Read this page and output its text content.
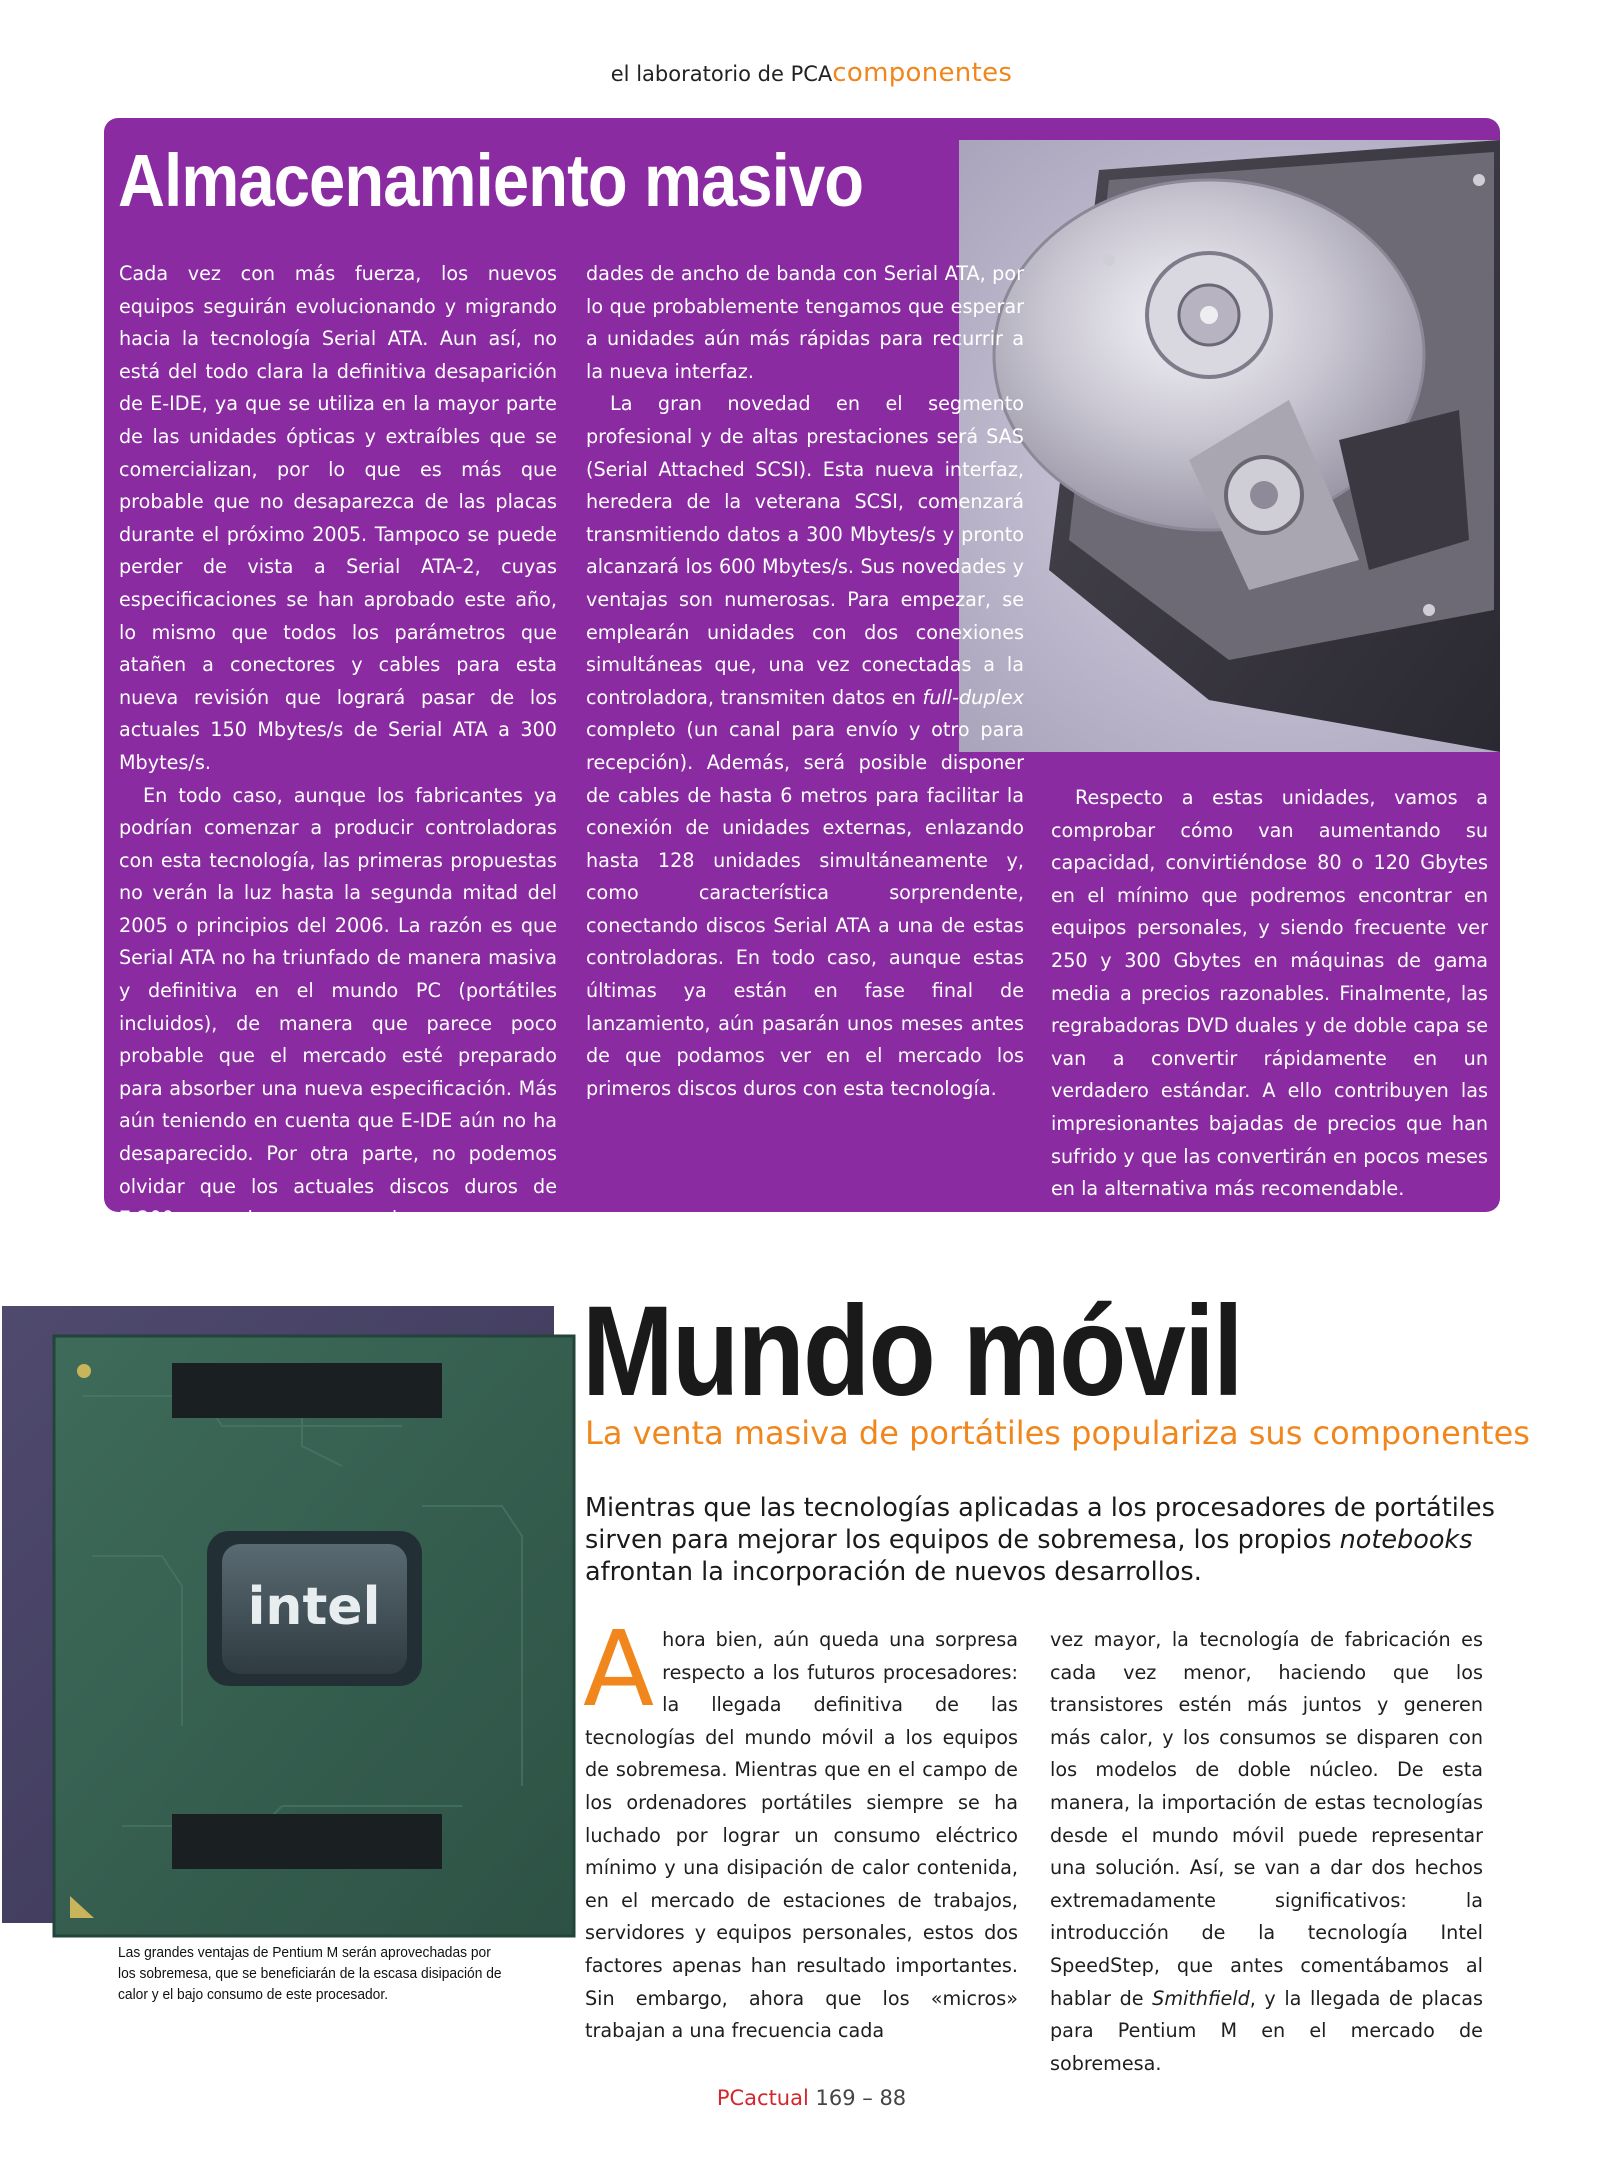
el laboratorio de PCAcomponentes
Almacenamiento masivo

Cada vez con más fuerza, los nuevos equipos seguirán evolucionando y migrando hacia la tecnología Serial ATA. Aun así, no está del todo clara la definitiva desaparición de E-IDE, ya que se utiliza en la mayor parte de las unidades ópticas y extraíbles que se comercializan, por lo que es más que probable que no desaparezca de las placas durante el próximo 2005. Tampoco se puede perder de vista a Serial ATA-2, cuyas especificaciones se han aprobado este año, lo mismo que todos los parámetros que atañen a conectores y cables para esta nueva revisión que logrará pasar de los actuales 150 Mbytes/s de Serial ATA a 300 Mbytes/s.

En todo caso, aunque los fabricantes ya podrían comenzar a producir controladoras con esta tecnología, las primeras propuestas no verán la luz hasta la segunda mitad del 2005 o principios del 2006. La razón es que Serial ATA no ha triunfado de manera masiva y definitiva en el mundo PC (portátiles incluidos), de manera que parece poco probable que el mercado esté preparado para absorber una nueva especificación. Más aún teniendo en cuenta que E-IDE aún no ha desaparecido. Por otra parte, no podemos olvidar que los actuales discos duros de 7.200 rpm cubren sus necesi-

dades de ancho de banda con Serial ATA, por lo que probablemente tengamos que esperar a unidades aún más rápidas para recurrir a la nueva interfaz.

La gran novedad en el segmento profesional y de altas prestaciones será SAS (Serial Attached SCSI). Esta nueva interfaz, heredera de la veterana SCSI, comenzará transmitiendo datos a 300 Mbytes/s y pronto alcanzará los 600 Mbytes/s. Sus novedades y ventajas son numerosas. Para empezar, se emplearán unidades con dos conexiones simultáneas que, una vez conectadas a la controladora, transmiten datos en full-duplex completo (un canal para envío y otro para recepción). Además, será posible disponer de cables de hasta 6 metros para facilitar la conexión de unidades externas, enlazando hasta 128 unidades simultáneamente y, como característica sorprendente, conectando discos Serial ATA a una de estas controladoras. En todo caso, aunque estas últimas ya están en fase final de lanzamiento, aún pasarán unos meses antes de que podamos ver en el mercado los primeros discos duros con esta tecnología.

Respecto a estas unidades, vamos a comprobar cómo van aumentando su capacidad, convirtiéndose 80 o 120 Gbytes en el mínimo que podremos encontrar en equipos personales, y siendo frecuente ver 250 y 300 Gbytes en máquinas de gama media a precios razonables. Finalmente, las regrabadoras DVD duales y de doble capa se van a convertir rápidamente en un verdadero estándar. A ello contribuyen las impresionantes bajadas de precios que han sufrido y que las convertirán en pocos meses en la alternativa más recomendable.

intel
Las grandes ventajas de Pentium M serán aprovechadas por los sobremesa, que se beneficiarán de la escasa disipación de calor y el bajo consumo de este procesador.
Mundo móvil
La venta masiva de portátiles populariza sus componentes
Mientras que las tecnologías aplicadas a los procesadores de portátiles sirven para mejorar los equipos de sobremesa, los propios notebooks afrontan la incorporación de nuevos desarrollos.
Ahora bien, aún queda una sorpresa respecto a los futuros procesadores: la llegada definitiva de las tecnologías del mundo móvil a los equipos de sobremesa. Mientras que en el campo de los ordenadores portátiles siempre se ha luchado por lograr un consumo eléctrico mínimo y una disipación de calor contenida, en el mercado de estaciones de trabajos, servidores y equipos personales, estos dos factores apenas han resultado importantes. Sin embargo, ahora que los «micros» trabajan a una frecuencia cada
vez mayor, la tecnología de fabricación es cada vez menor, haciendo que los transistores estén más juntos y generen más calor, y los consumos se disparen con los modelos de doble núcleo. De esta manera, la importación de estas tecnologías desde el mundo móvil puede representar una solución. Así, se van a dar dos hechos extremadamente significativos: la introducción de la tecnología Intel SpeedStep, que antes comentábamos al hablar de Smithfield, y la llegada de placas para Pentium M en el mercado de sobremesa.
PCactual 169 – 88
